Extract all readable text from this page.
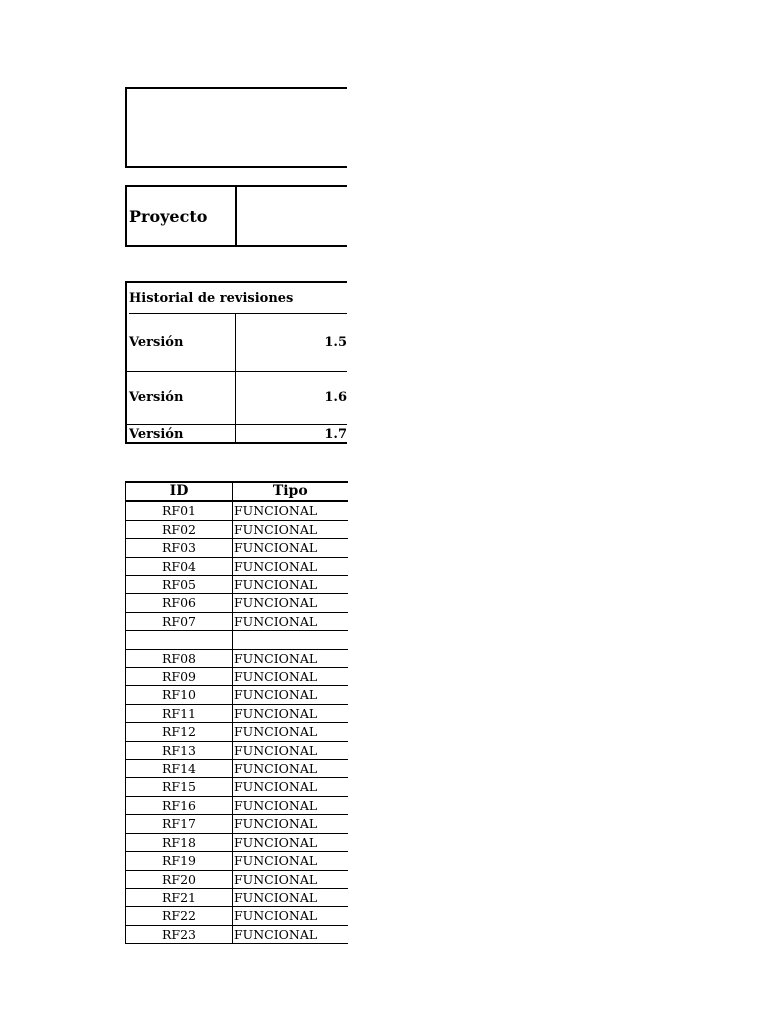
Proyecto
Historial de revisiones
Versión	1.5
Versión	1.6
Versión	1.7
ID	Tipo
RF01	FUNCIONAL
RF02	FUNCIONAL
RF03	FUNCIONAL
RF04	FUNCIONAL
RF05	FUNCIONAL
RF06	FUNCIONAL
RF07	FUNCIONAL

RF08	FUNCIONAL
RF09	FUNCIONAL
RF10	FUNCIONAL
RF11	FUNCIONAL
RF12	FUNCIONAL
RF13	FUNCIONAL
RF14	FUNCIONAL
RF15	FUNCIONAL
RF16	FUNCIONAL
RF17	FUNCIONAL
RF18	FUNCIONAL
RF19	FUNCIONAL
RF20	FUNCIONAL
RF21	FUNCIONAL
RF22	FUNCIONAL
RF23	FUNCIONAL
